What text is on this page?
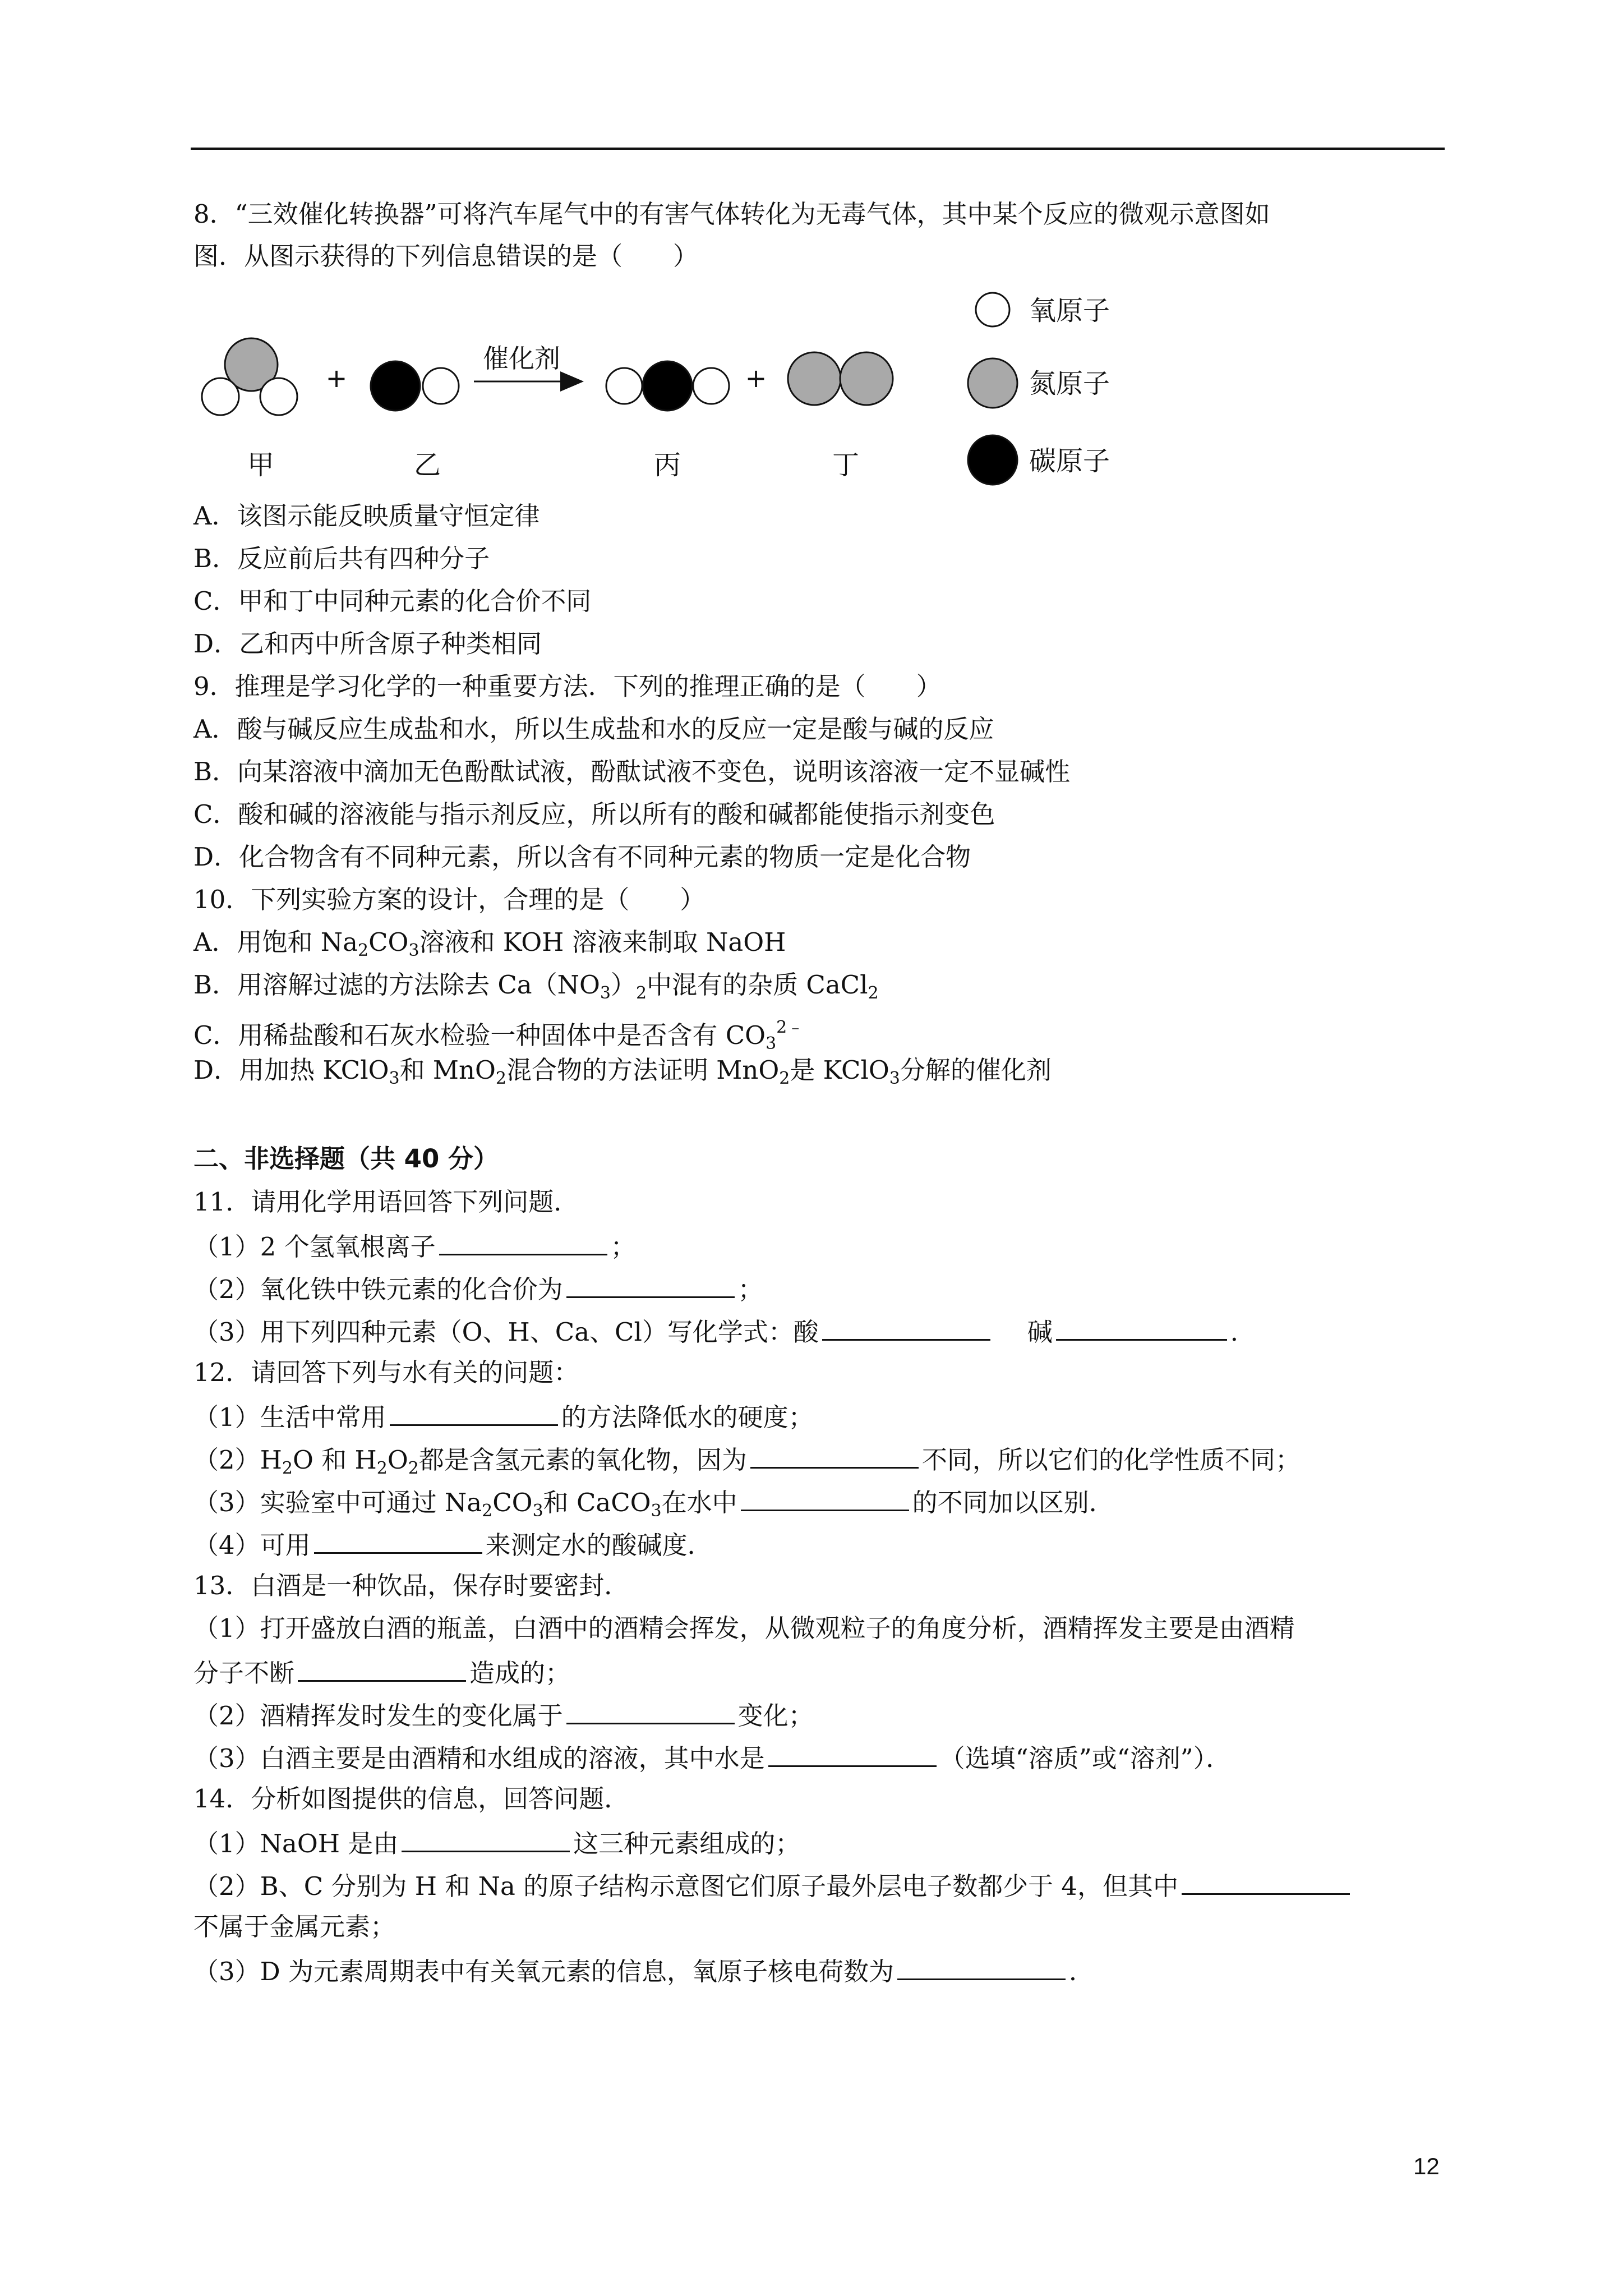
8．“三效催化转换器”可将汽车尾气中的有害气体转化为无毒气体，其中某个反应的微观示意图如
图．从图示获得的下列信息错误的是（　　）
+
催化剂
+
甲	乙	丙	丁
氧原子
氮原子
碳原子
A．该图示能反映质量守恒定律
B．反应前后共有四种分子
C．甲和丁中同种元素的化合价不同
D．乙和丙中所含原子种类相同
9．推理是学习化学的一种重要方法．下列的推理正确的是（　　）
A．酸与碱反应生成盐和水，所以生成盐和水的反应一定是酸与碱的反应
B．向某溶液中滴加无色酚酞试液，酚酞试液不变色，说明该溶液一定不显碱性
C．酸和碱的溶液能与指示剂反应，所以所有的酸和碱都能使指示剂变色
D．化合物含有不同种元素，所以含有不同种元素的物质一定是化合物
10．下列实验方案的设计，合理的是（　　）
A．用饱和 $Na_2CO_3$溶液和 KOH 溶液来制取 NaOH
B．用溶解过滤的方法除去 $Ca(NO_3)_2$中混有的杂质 CaCl$_2$
C．用稀盐酸和石灰水检验一种固体中是否含有 $CO_3^{2﹣}$
D．用加热 KClO$_3$和 MnO$_2$混合物的方法证明 MnO$_2$是 KClO$_3$分解的催化剂
二、非选择题（共 40 分）
11．请用化学用语回答下列问题．
（1）2 个氢氧根离子	；
（2）氧化铁中铁元素的化合价为	；
（3）用下列四种元素（O、H、Ca、Cl）写化学式：酸	碱	．
12．请回答下列与水有关的问题：
（1）生活中常用	的方法降低水的硬度；
$(2)H_2O$ 和 $H_2O_2$都是含氢元素的氧化物，因为	不同，所以它们的化学性质不同；
（3）实验室中可通过 $Na_2CO_3$和 CaCO$_3$在水中	的不同加以区别．
（4）可用	来测定水的酸碱度．
13．白酒是一种饮品，保存时要密封．
（1）打开盛放白酒的瓶盖，白酒中的酒精会挥发，从微观粒子的角度分析，酒精挥发主要是由酒精
分子不断	造成的；
（2）酒精挥发时发生的变化属于	变化；
（3）白酒主要是由酒精和水组成的溶液，其中水是	（选填“溶质”或“溶剂”）．
14．分析如图提供的信息，回答问题．
（1）NaOH 是由	这三种元素组成的；
（2）B、C 分别为 H 和 Na 的原子结构示意图它们原子最外层电子数都少于 4，但其中
不属于金属元素；
（3）D 为元素周期表中有关氧元素的信息，氧原子核电荷数为	．
12
